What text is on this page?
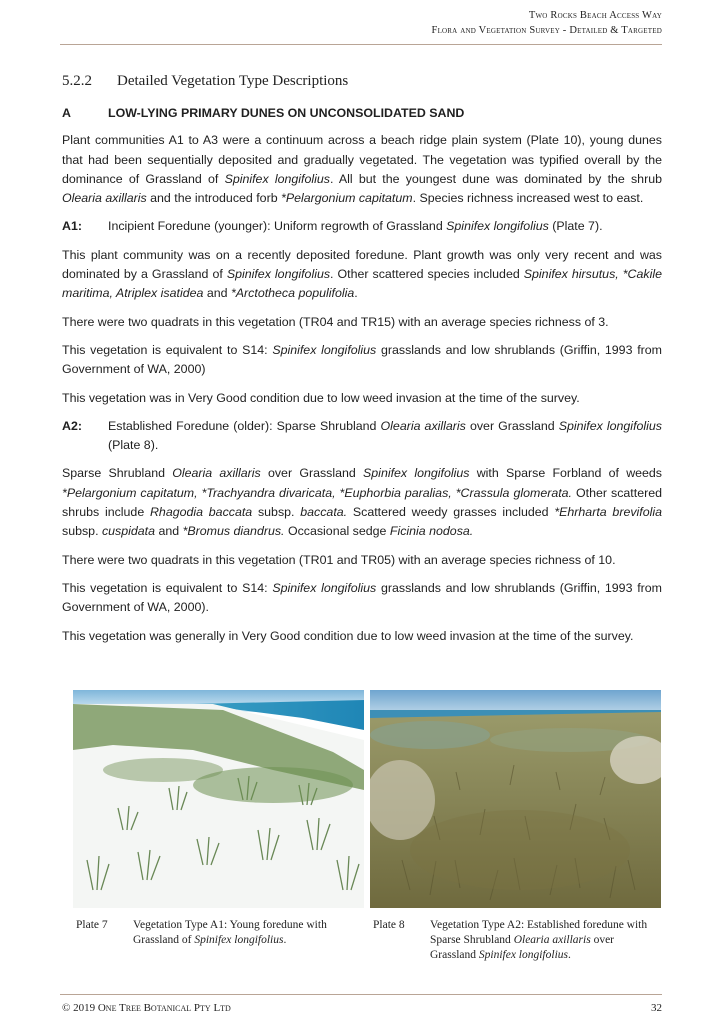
Two Rocks Beach Access Way
Flora and Vegetation Survey - Detailed & Targeted
5.2.2 Detailed Vegetation Type Descriptions
A	LOW-LYING PRIMARY DUNES ON UNCONSOLIDATED SAND

Plant communities A1 to A3 were a continuum across a beach ridge plain system (Plate 10), young dunes that had been sequentially deposited and gradually vegetated. The vegetation was typified overall by the dominance of Grassland of Spinifex longifolius. All but the youngest dune was dominated by the shrub Olearia axillaris and the introduced forb *Pelargonium capitatum. Species richness increased west to east.

A1:	Incipient Foredune (younger): Uniform regrowth of Grassland Spinifex longifolius (Plate 7).

This plant community was on a recently deposited foredune. Plant growth was only very recent and was dominated by a Grassland of Spinifex longifolius. Other scattered species included Spinifex hirsutus, *Cakile maritima, Atriplex isatidea and *Arctotheca populifolia.

There were two quadrats in this vegetation (TR04 and TR15) with an average species richness of 3.

This vegetation is equivalent to S14: Spinifex longifolius grasslands and low shrublands (Griffin, 1993 from Government of WA, 2000)

This vegetation was in Very Good condition due to low weed invasion at the time of the survey.

A2:	Established Foredune (older): Sparse Shrubland Olearia axillaris over Grassland Spinifex longifolius (Plate 8).

Sparse Shrubland Olearia axillaris over Grassland Spinifex longifolius with Sparse Forbland of weeds *Pelargonium capitatum, *Trachyandra divaricata, *Euphorbia paralias, *Crassula glomerata. Other scattered shrubs include Rhagodia baccata subsp. baccata. Scattered weedy grasses included *Ehrharta brevifolia subsp. cuspidata and *Bromus diandrus. Occasional sedge Ficinia nodosa.

There were two quadrats in this vegetation (TR01 and TR05) with an average species richness of 10.

This vegetation is equivalent to S14: Spinifex longifolius grasslands and low shrublands (Griffin, 1993 from Government of WA, 2000).

This vegetation was generally in Very Good condition due to low weed invasion at the time of the survey.

Plate 7	Vegetation Type A1: Young foredune with Grassland of Spinifex longifolius.
Plate 8	Vegetation Type A2: Established foredune with Sparse Shrubland Olearia axillaris over Grassland Spinifex longifolius.
© 2019 One Tree Botanical Pty Ltd	32
